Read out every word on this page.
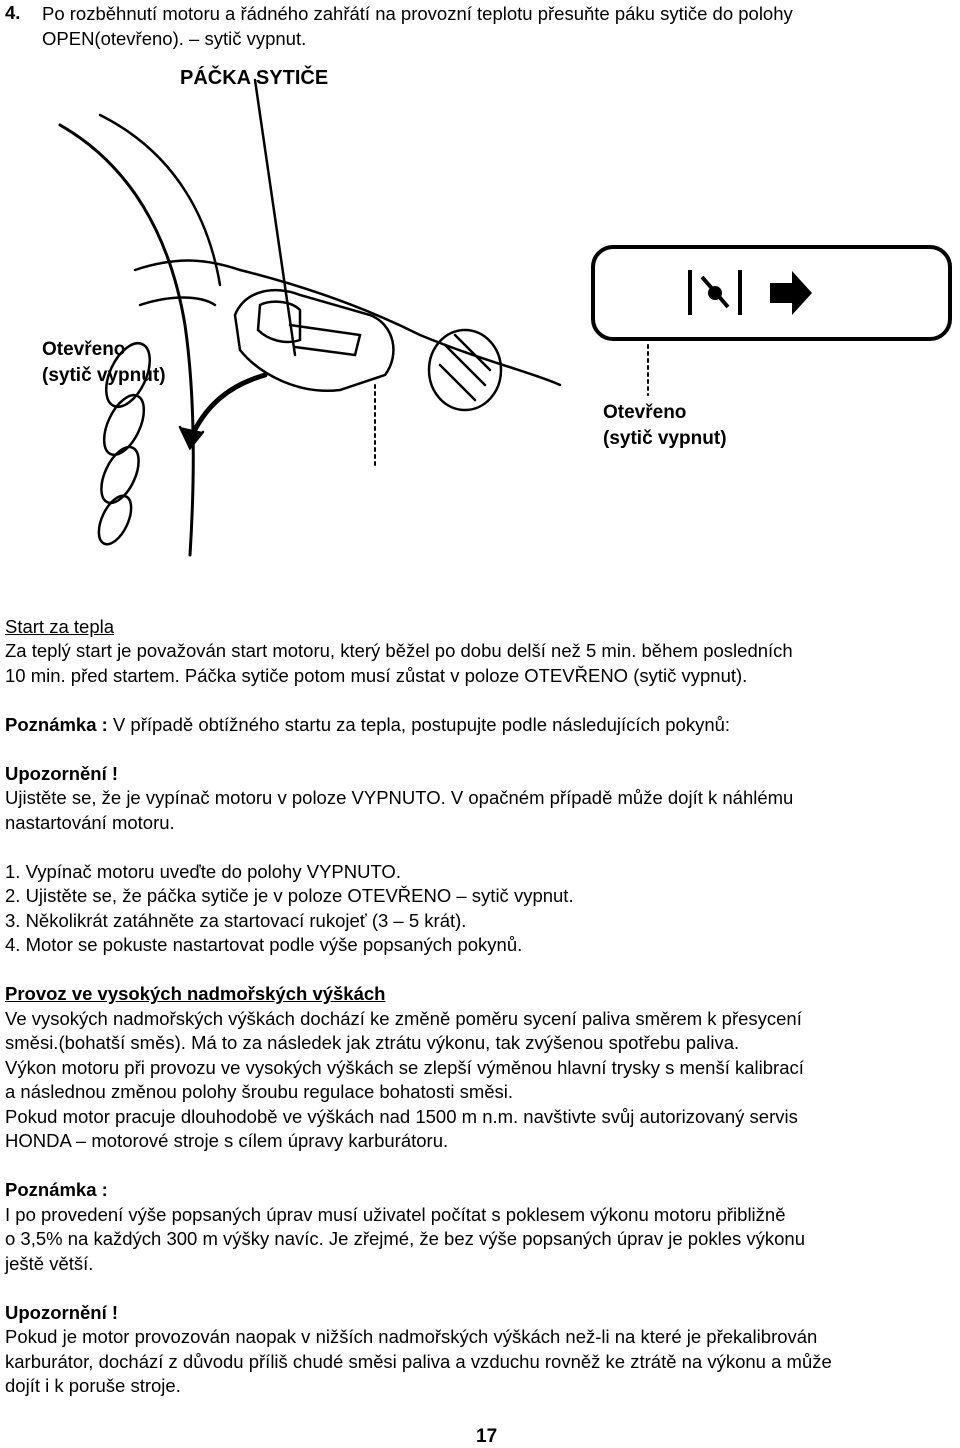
4. Po rozběhnutí motoru a řádného zahřátí na provozní teplotu přesuňte páku sytiče do polohy
OPEN(otevřeno). – sytič vypnut.
PÁČKA SYTIČE
Otevřeno
(sytič vypnut)
Otevřeno
(sytič vypnut)
Start za tepla
Za teplý start je považován start motoru, který běžel po dobu delší než 5 min. během posledních
10 min. před startem. Páčka sytiče potom musí zůstat v poloze OTEVŘENO (sytič vypnut).
Poznámka : V případě obtížného startu za tepla, postupujte podle následujících pokynů:
Upozornění !
Ujistěte se, že je vypínač motoru v poloze VYPNUTO. V opačném případě může dojít k náhlému
nastartování motoru.
1. Vypínač motoru uveďte do polohy VYPNUTO.
2. Ujistěte se, že páčka sytiče je v poloze OTEVŘENO – sytič vypnut.
3. Několikrát zatáhněte za startovací rukojeť (3 – 5 krát).
4. Motor se pokuste nastartovat podle výše popsaných pokynů.
Provoz ve vysokých nadmořských výškách
Ve vysokých nadmořských výškách dochází ke změně poměru sycení paliva směrem k přesycení
směsi.(bohatší směs). Má to za následek jak ztrátu výkonu, tak zvýšenou spotřebu paliva.
Výkon motoru při provozu ve vysokých výškách se zlepší výměnou hlavní trysky s menší kalibrací
a následnou změnou polohy šroubu regulace bohatosti směsi.
Pokud motor pracuje dlouhodobě ve výškách nad 1500 m n.m. navštivte svůj autorizovaný servis
HONDA – motorové stroje s cílem úpravy karburátoru.
Poznámka :
I po provedení výše popsaných úprav musí uživatel počítat s poklesem výkonu motoru přibližně
o 3,5% na každých 300 m výšky navíc. Je zřejmé, že bez výše popsaných úprav je pokles výkonu
ještě větší.
Upozornění !
Pokud je motor provozován naopak v nižších nadmořských výškách než-li na které je překalibrován
karburátor, dochází z důvodu příliš chudé směsi paliva a vzduchu rovněž ke ztrátě na výkonu a může
dojít i k poruše stroje.
17
